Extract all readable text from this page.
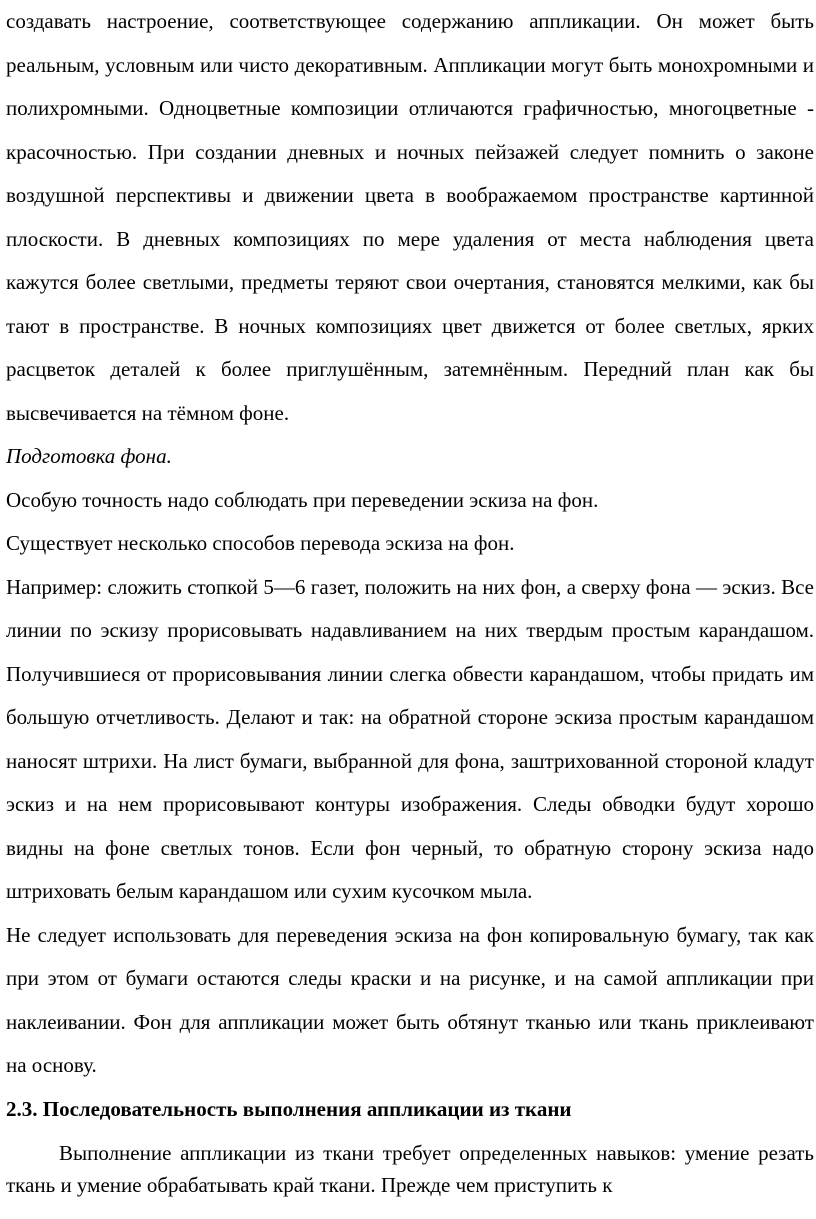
создавать настроение, соответствующее содержанию аппликации. Он может быть реальным, условным или чисто декоративным. Аппликации могут быть монохромными и полихромными. Одноцветные композиции отличаются графичностью, многоцветные - красочностью. При создании дневных и ночных пейзажей следует помнить о законе воздушной перспективы и движении цвета в воображаемом пространстве картинной плоскости. В дневных композициях по мере удаления от места наблюдения цвета кажутся более светлыми, предметы теряют свои очертания, становятся мелкими, как бы тают в пространстве. В ночных композициях цвет движется от более светлых, ярких расцветок деталей к более приглушённым, затемнённым. Передний план как бы высвечивается на тёмном фоне.

Подготовка фона.

Особую точность надо соблюдать при переведении эскиза на фон.

Существует несколько способов перевода эскиза на фон.

Например: сложить стопкой 5—6 газет, положить на них фон, а сверху фона — эскиз. Все линии по эскизу прорисовывать надавливанием на них твердым простым карандашом. Получившиеся от прорисовывания линии слегка обвести карандашом, чтобы придать им большую отчетливость. Делают и так: на обратной стороне эскиза простым карандашом наносят штрихи. На лист бумаги, выбранной для фона, заштрихованной стороной кладут эскиз и на нем прорисовывают контуры изображения. Следы обводки будут хорошо видны на фоне светлых тонов. Если фон черный, то обратную сторону эскиза надо штриховать белым карандашом или сухим кусочком мыла.

Не следует использовать для переведения эскиза на фон копировальную бумагу, так как при этом от бумаги остаются следы краски и на рисунке, и на самой аппликации при наклеивании. Фон для аппликации может быть обтянут тканью или ткань приклеивают на основу.

2.3. Последовательность выполнения аппликации из ткани

Выполнение аппликации из ткани требует определенных навыков: умение резать ткань и умение обрабатывать край ткани. Прежде чем приступить к
